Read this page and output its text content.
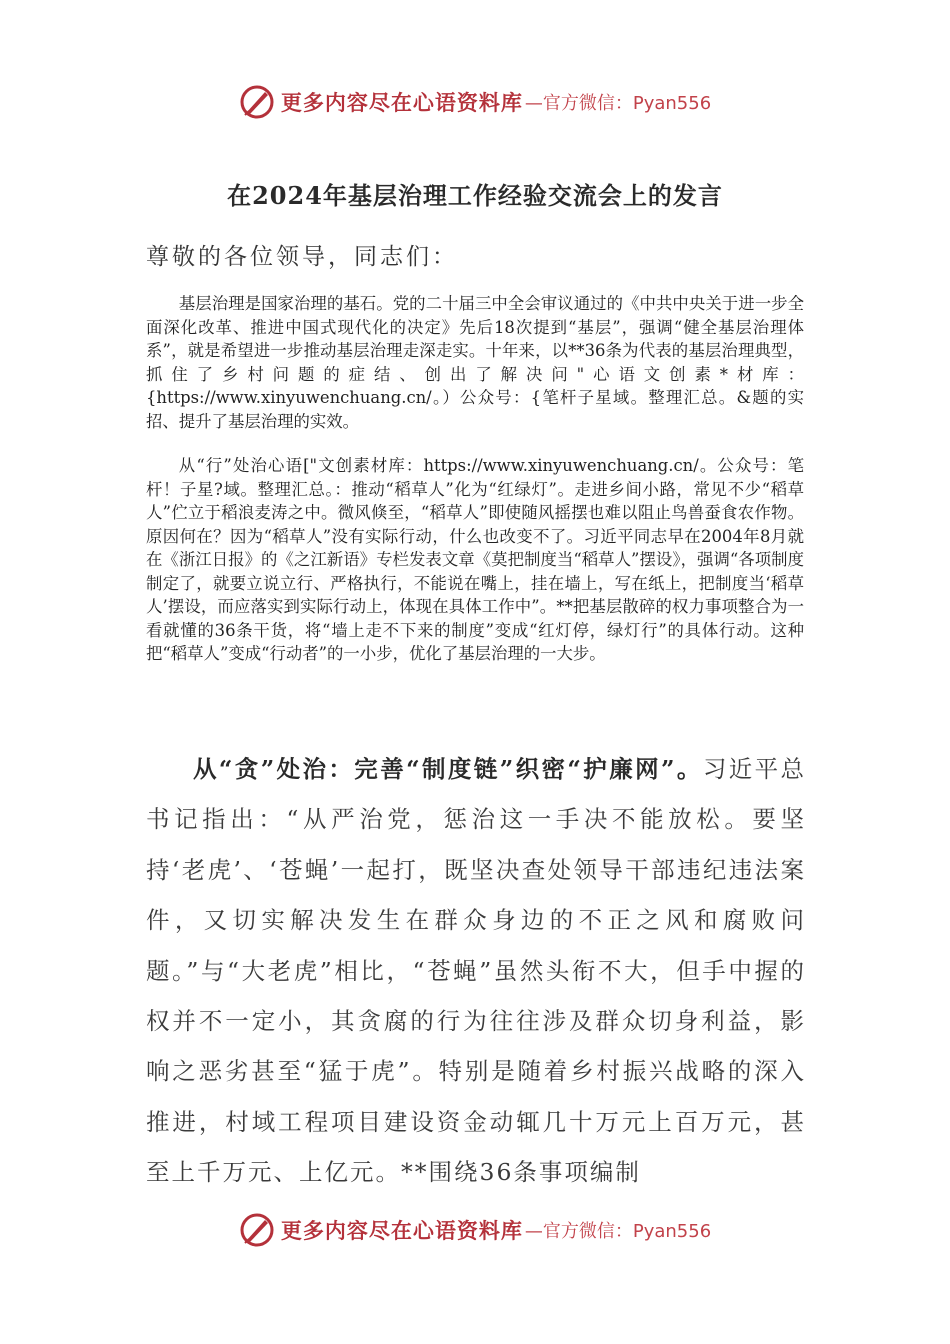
更多内容尽在心语资料库 —官方微信：Pyan556
在2024年基层治理工作经验交流会上的发言
尊敬的各位领导，同志们：

基层治理是国家治理的基石。党的二十届三中全会审议通过的《中共中央关于进一步全面深化改革、推进中国式现代化的决定》先后18次提到“基层”，强调“健全基层治理体系”，就是希望进一步推动基层治理走深走实。十年来，以**36条为代表的基层治理典型，抓住了乡村问题的症结、创出了解决问"心语文创素*材库：{https://www.xinyuwenchuang.cn/。）公众号：{笔杆子星域。整理汇总。&题的实招、提升了基层治理的实效。

从“行”处治心语["文创素材库：https://www.xinyuwenchuang.cn/。公众号：笔杆！子星?域。整理汇总。：推动“稻草人”化为“红绿灯”。走进乡间小路，常见不少“稻草人”伫立于稻浪麦涛之中。微风倏至，“稻草人”即使随风摇摆也难以阻止鸟兽蚕食农作物。原因何在？因为“稻草人”没有实际行动，什么也改变不了。习近平同志早在2004年8月就在《浙江日报》的《之江新语》专栏发表文章《莫把制度当“稻草人”摆设》，强调“各项制度制定了，就要立说立行、严格执行，不能说在嘴上，挂在墙上，写在纸上，把制度当‘稻草人’摆设，而应落实到实际行动上，体现在具体工作中”。**把基层散碎的权力事项整合为一看就懂的36条干货，将“墙上走不下来的制度”变成“红灯停，绿灯行”的具体行动。这种把“稻草人”变成“行动者”的一小步，优化了基层治理的一大步。

从“贪”处治：完善“制度链”织密“护廉网”。习近平总书记指出：“从严治党，惩治这一手决不能放松。要坚持‘老虎’、‘苍蝇’一起打，既坚决查处领导干部违纪违法案件，又切实解决发生在群众身边的不正之风和腐败问题。”与“大老虎”相比，“苍蝇”虽然头衔不大，但手中握的权并不一定小，其贪腐的行为往往涉及群众切身利益，影响之恶劣甚至“猛于虎”。特别是随着乡村振兴战略的深入推进，村域工程项目建设资金动辄几十万元上百万元，甚至上千万元、上亿元。**围绕36条事项编制

更多内容尽在心语资料库 —官方微信：Pyan556
